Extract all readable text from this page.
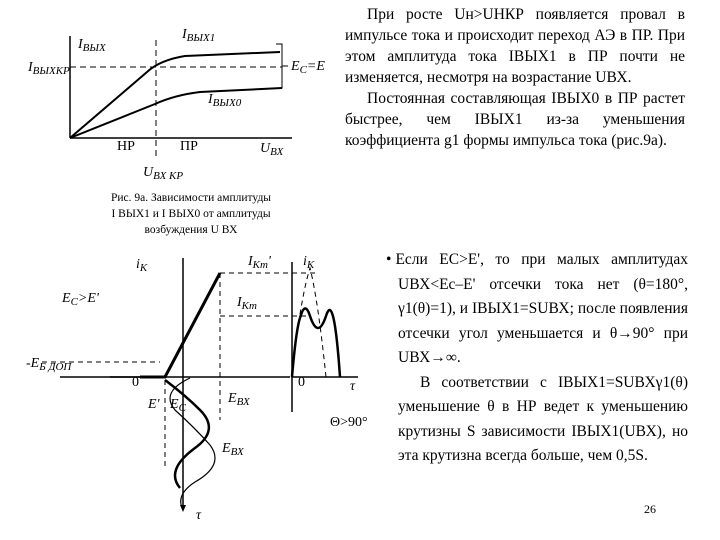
$I_{ВЫХ}$
$I_{ВЫХ1}$
$I_{ВЫХКР}$	$E_С=E$
$I_{ВЫХ0}$
НР	ПР	$U_{ВХ}$
$U_{ВХ КР}$
$i_К$	$I_{Кm}'$ $i_К$
$E_С>E'$	$I_{Кm}$
$-E_{Б ДОП}$
0	0	τ
E' $E_С$
$E_{ВХ}$
Θ>90°
$E_{ВХ}$
τ
Рис. 9а. Зависимости амплитуды
I ВЫХ1 и I ВЫХ0 от амплитуды
возбуждения U ВХ

При росте Uн>UНКР появляется провал в импульсе тока и происходит переход АЭ в ПР. При этом амплитуда тока IВЫХ1 в ПР почти не изменяется, несмотря на возрастание UВХ.

Постоянная составляющая IВЫХ0 в ПР растет быстрее, чем IВЫХ1 из-за уменьшения коэффициента g1 формы импульса тока (рис.9а).

• Если EС>E', то при малых амплитудах UВХ<Eс–E' отсечки тока нет (θ=180°, γ1(θ)=1), и IВЫХ1=SUВХ; после появления отсечки угол уменьшается и θ→90° при UВХ→∞.

В соответствии с IВЫХ1=SUВХγ1(θ) уменьшение θ в НР ведет к уменьшению крутизны S зависимости IВЫХ1(UВХ), но эта крутизна всегда больше, чем 0,5S.

26
